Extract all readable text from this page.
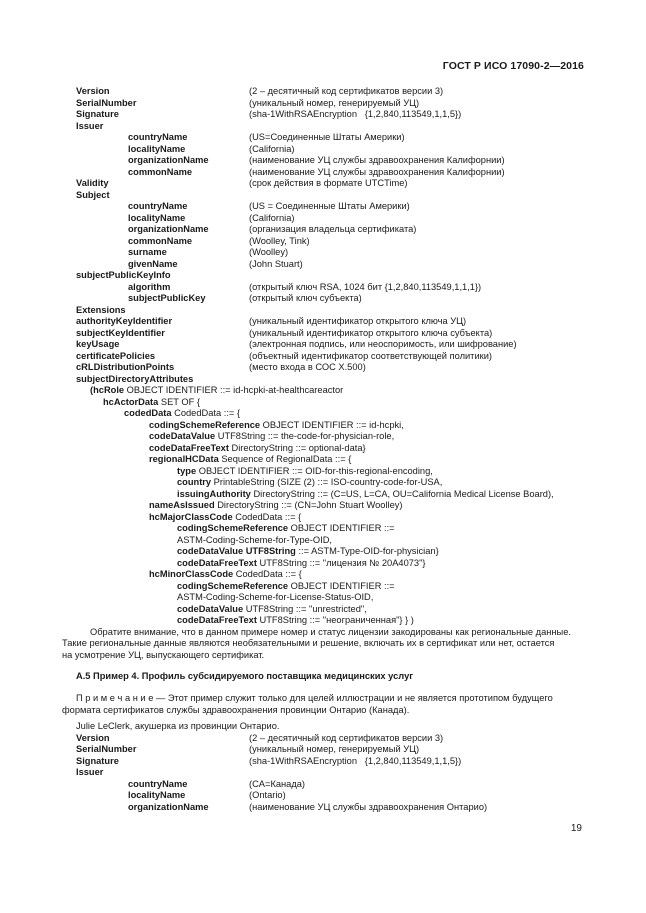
ГОСТ Р ИСО 17090-2—2016
Version	(2 – десятичный код сертификатов версии 3)
SerialNumber	(уникальный номер, генерируемый УЦ)
Signature	(sha-1WithRSAEncryption   {1,2,840,113549,1,1,5})
Issuer
countryName	(US=Соединенные Штаты Америки)
localityName	(California)
organizationName	(наименование УЦ службы здравоохранения Калифорнии)
commonName	(наименование УЦ службы здравоохранения Калифорнии)
Validity	(срок действия в формате UTCTime)
Subject
countryName	(US = Соединенные Штаты Америки)
localityName	(California)
organizationName	(организация владельца сертификата)
commonName	(Woolley, Tink)
surname	(Woolley)
givenName	(John Stuart)
subjectPublicKeyInfo
algorithm	(открытый ключ RSA, 1024 бит {1,2,840,113549,1,1,1})
subjectPublicKey	(открытый ключ субъекта)
Extensions
authorityKeyIdentifier	(уникальный идентификатор открытого ключа УЦ)
subjectKeyIdentifier	(уникальный идентификатор открытого ключа субъекта)
keyUsage	(электронная подпись, или неоспоримость, или шифрование)
certificatePolicies	(объектный идентификатор соответствующей политики)
cRLDistributionPoints	(место входа в СОС X.500)
subjectDirectoryAttributes
(hcRole OBJECT IDENTIFIER ::= id-hcpki-at-healthcareactor
hcActorData SET OF {
codedData CodedData ::= {
codingSchemeReference OBJECT IDENTIFIER ::= id-hcpki,
codeDataValue UTF8String ::= the-code-for-physician-role,
codeDataFreeText DirectoryString ::= optional-data}
regionalHCData Sequence of RegionalData ::= {
type OBJECT IDENTIFIER ::= OID-for-this-regional-encoding,
country PrintableString (SIZE (2) ::= ISO-country-code-for-USA,
issuingAuthority DirectoryString ::= (C=US, L=CA, OU=California Medical License Board),
nameAsIssued DirectoryString ::= (CN=John Stuart Woolley)
hcMajorClassCode CodedData ::= {
codingSchemeReference OBJECT IDENTIFIER ::=
ASTM-Coding-Scheme-for-Type-OID,
codeDataValue UTF8String ::= ASTM-Type-OID-for-physician}
codeDataFreeText UTF8String ::= "лицензия № 20A4073"}
hcMinorClassCode CodedData ::= {
codingSchemeReference OBJECT IDENTIFIER ::=
ASTM-Coding-Scheme-for-License-Status-OID,
codeDataValue UTF8String ::= "unrestricted",
codeDataFreeText UTF8String ::= "неограниченная"} } )
Обратите внимание, что в данном примере номер и статус лицензии закодированы как региональные данные.
Такие региональные данные являются необязательными и решение, включать их в сертификат или нет, остается
на усмотрение УЦ, выпускающего сертификат.
A.5 Пример 4. Профиль субсидируемого поставщика медицинских услуг
П р и м е ч а н и е — Этот пример служит только для целей иллюстрации и не является прототипом будущего
формата сертификатов службы здравоохранения провинции Онтарио (Канада).
Julie LeClerk, акушерка из провинции Онтарио.
Version	(2 – десятичный код сертификатов версии 3)
SerialNumber	(уникальный номер, генерируемый УЦ)
Signature	(sha-1WithRSAEncryption   {1,2,840,113549,1,1,5})
Issuer
countryName	(CA=Канада)
localityName	(Ontario)
organizationName	(наименование УЦ службы здравоохранения Онтарио)
19
